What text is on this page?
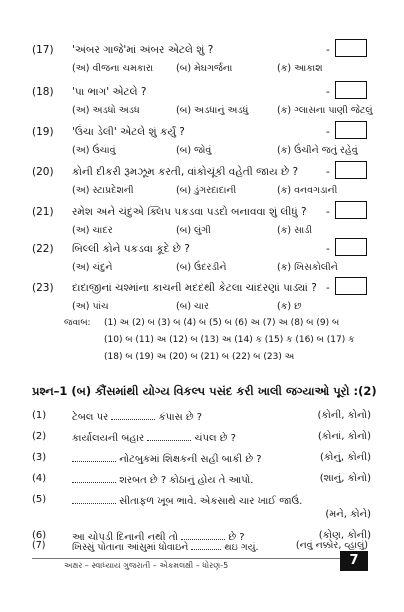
(17) 'અંબર ગાજે'માં અંબર એટલે શું ?	-
(અ) વીજના ચમકારા (બ) મેઘગર્જના	(ક) આકાશ
(18) 'પા ભાગ' એટલે ?	-
(અ) અડધો અડધ	(બ) અડધાનું અડધું	(ક) ગ્લાસના પાણી જેટલું
(19) 'ઉંચા ડેલી' એટલે શું કર્યું ?	-
(અ) ઉંચાવું	(બ) જોવું	(ક) ઉંચીને જતું રહેવું
(20) કોની દીકરી રૂમઝૂમ કરતી, વાંકોચૂંકી વહેતી જાય છે ?	-
(અ) સ્ટાપ્રદેશની	(બ) ડુંગરદાદાની	(ક) વનવગડાની
(21) રમેશ અને ચંદુએ ક્લિપ પકડવા પડદો બનાવવા શું લીધું ? -
(અ) ચાદર	(બ) લુંગી	(ક) સાડી
(22) બિલ્લી કોને પકડવા કૂદે છે ?	-
(અ) ચંદુને	(બ) ઉંદરડીને	(ક) ખિસકોલીને
(23) દાદાજીનાં ચશ્માંના કાચની મદદથી કેટલા ચાંદરણાં પાડ્યાં ? -
(અ) પાંચ	(બ) ચાર	(ક) છ
જવાબ: (1) અ (2) બ (3) બ (4) બ (5) બ (6) અ (7) અ (8) બ (9) બ
(10) બ (11) અ (12) બ (13) અ (14) ક (15) ક (16) બ (17) ક
(18) બ (19) અ (20) બ (21) બ (22) બ (23) અ
પ્રશ્ન–1 (બ) કૌંસમાંથી યોગ્ય વિકલ્પ પસંદ કરી ખાલી જગ્યાઓ પૂરો :(2)
(1)	ટેબલ પર	કંપાસ છે ?	(કોની, કોનો)
(2)	કાર્યાલયની બહાર	ચંપલ છે ?	(કોનાં, કોનો)
(3)	નોટબુકમાં શિક્ષકની સહી બાકી છે ?	(કોનું, કોની)
(4)	શરબત છે ? કોઠાનું હોય તે આપો.	(શાનું, કોનો)
(5)	સીતાફળ ખૂબ ભાવે. એકસાથે ચાર ખાઈ જાઉં.
(મને, કોને)
(6)	આ ચોપડી દિનાની નથી તો	છે ?	(કોણ, કોની)
(7)	ખિસ્સું પોતાના આંસુમાં ધોવાઇને	થઇ ગયું.	(નવું નક્કોર, વ્હાલું)
અક્ષર – સ્વાધ્યાય ગુજરાતી – એકમલક્ષી – ધોરણ-5	7
